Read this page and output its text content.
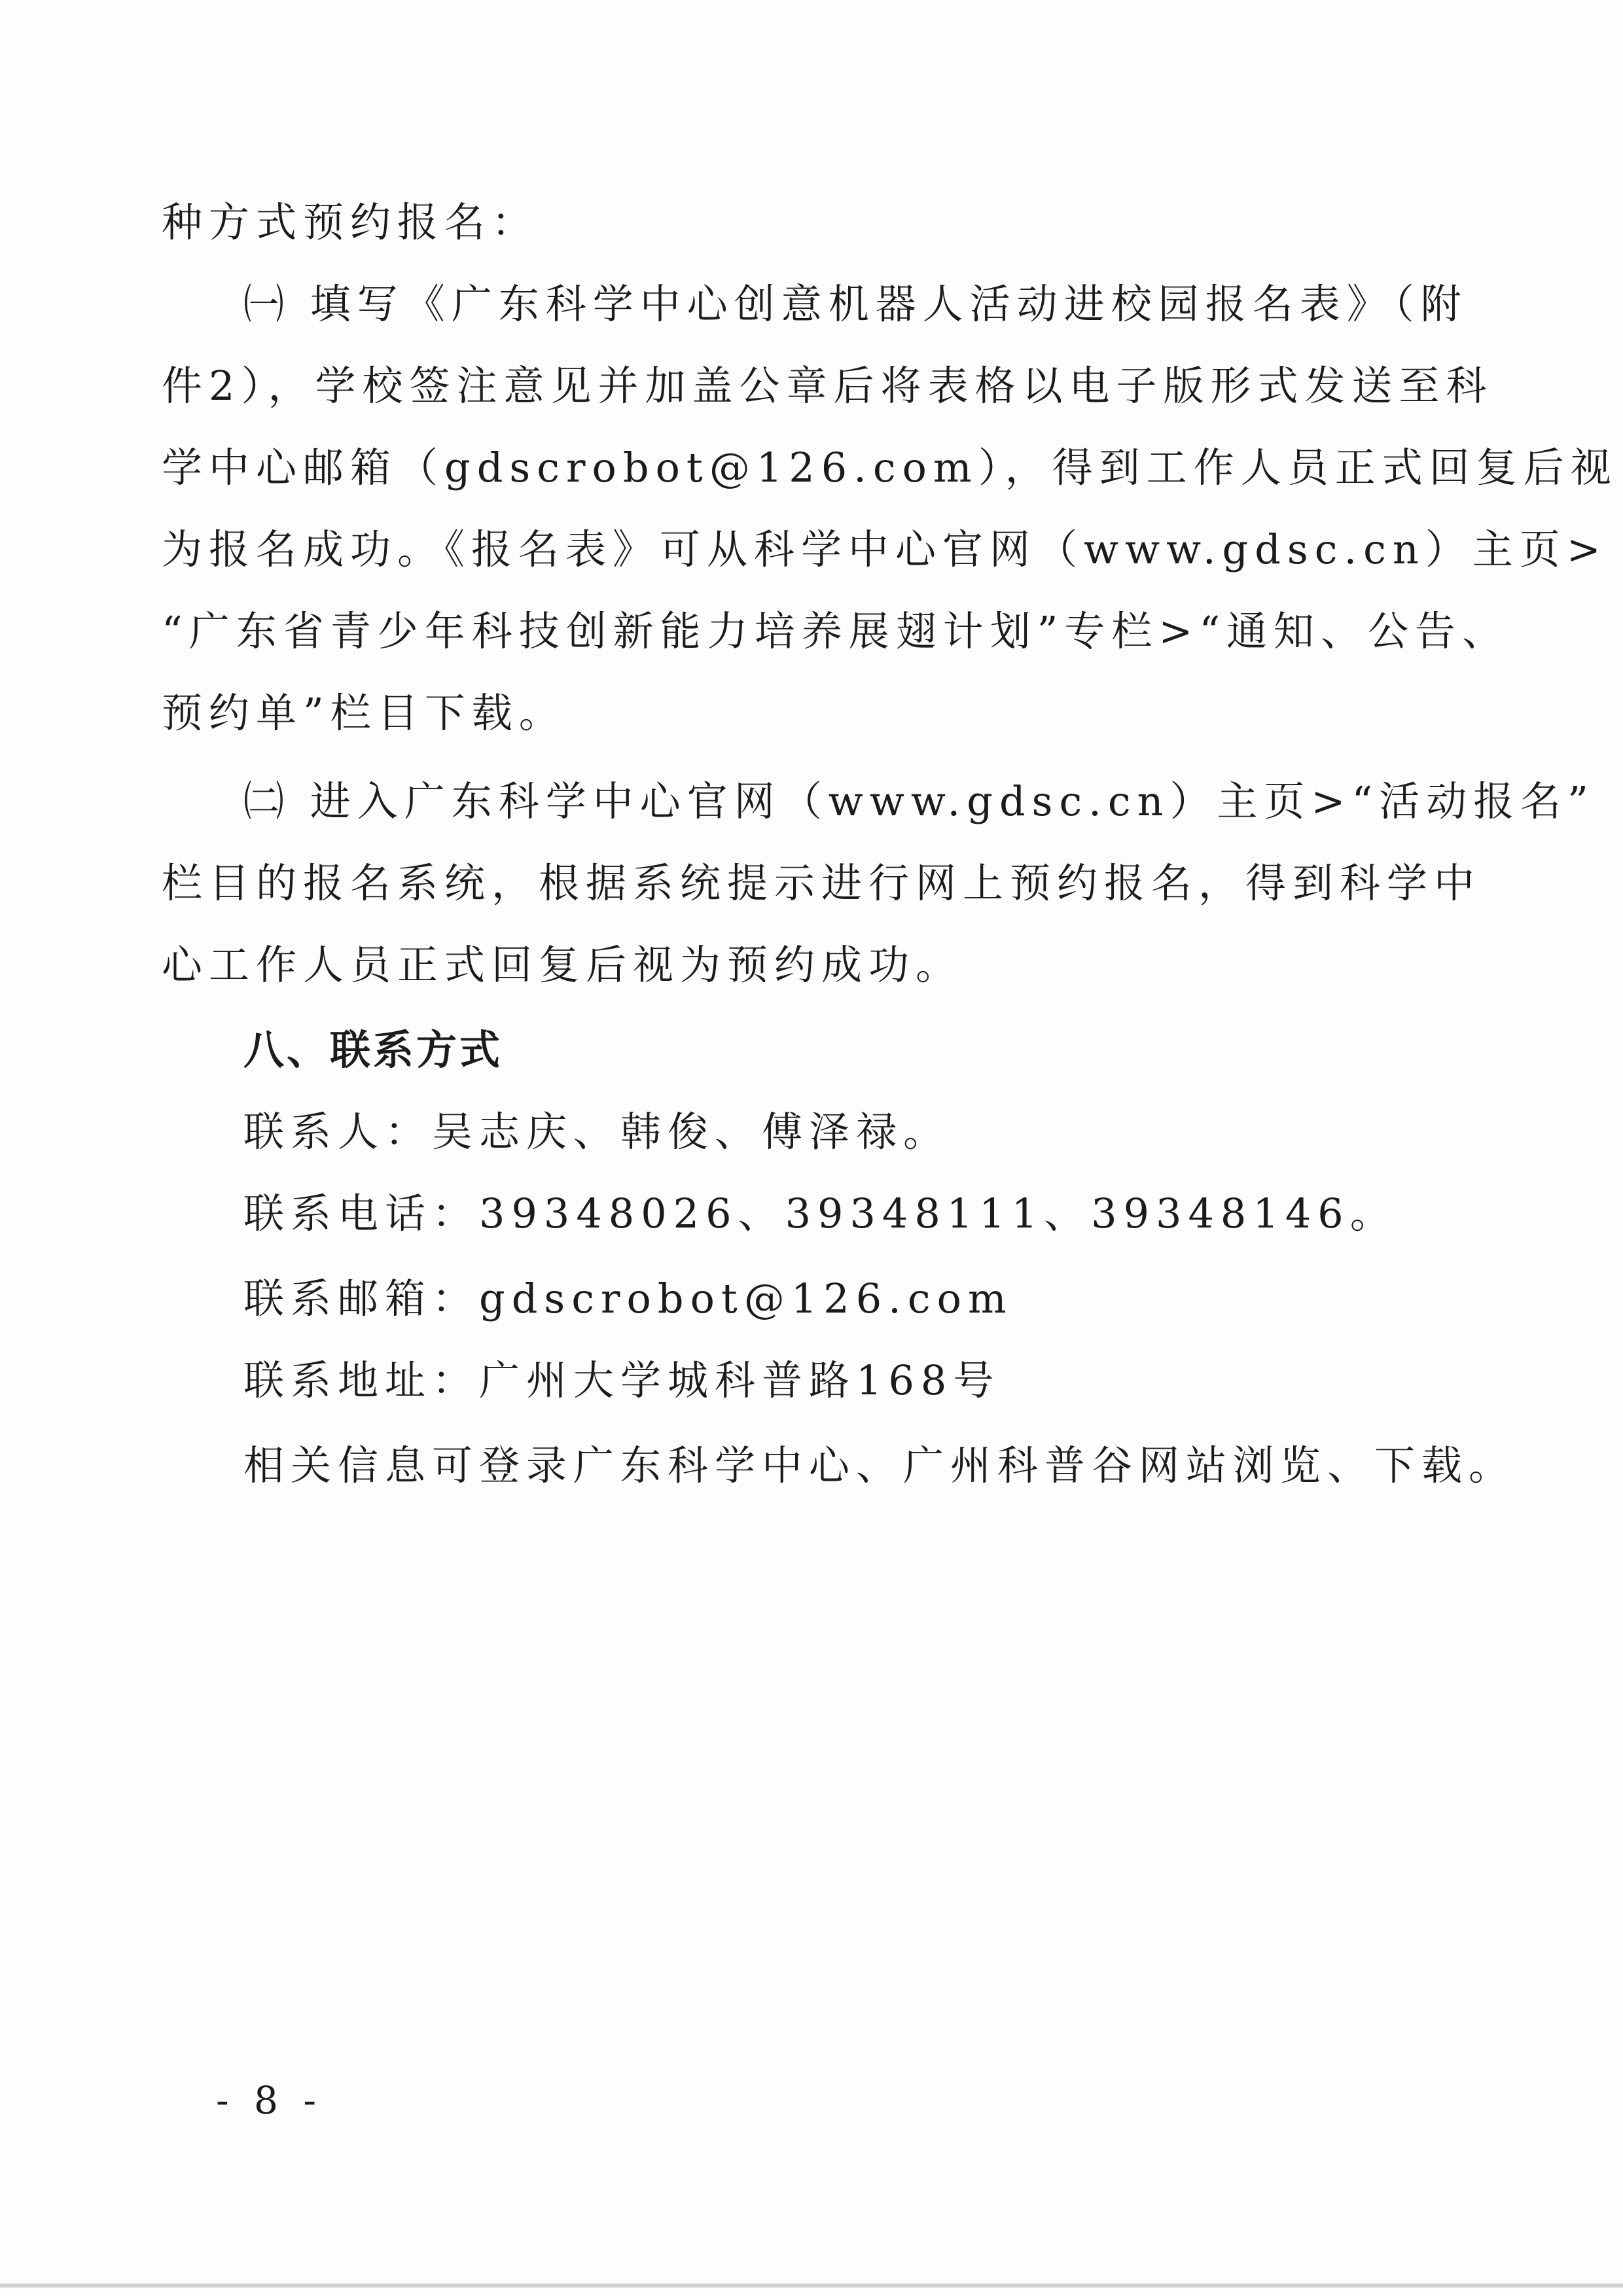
种方式预约报名：
㈠ 填写《广东科学中心创意机器人活动进校园报名表》（附
件2），学校签注意见并加盖公章后将表格以电子版形式发送至科
学中心邮箱（gdscrobot@126.com），得到工作人员正式回复后视
为报名成功。《报名表》可从科学中心官网（www.gdsc.cn）主页>
“广东省青少年科技创新能力培养展翅计划”专栏>“通知、公告、
预约单”栏目下载。
㈡ 进入广东科学中心官网（www.gdsc.cn）主页>“活动报名”
栏目的报名系统，根据系统提示进行网上预约报名，得到科学中
心工作人员正式回复后视为预约成功。
八、联系方式
联系人：吴志庆、韩俊、傅泽禄。
联系电话：39348026、39348111、39348146。
联系邮箱：gdscrobot@126.com
联系地址：广州大学城科普路168号
相关信息可登录广东科学中心、广州科普谷网站浏览、下载。
- 8 -
